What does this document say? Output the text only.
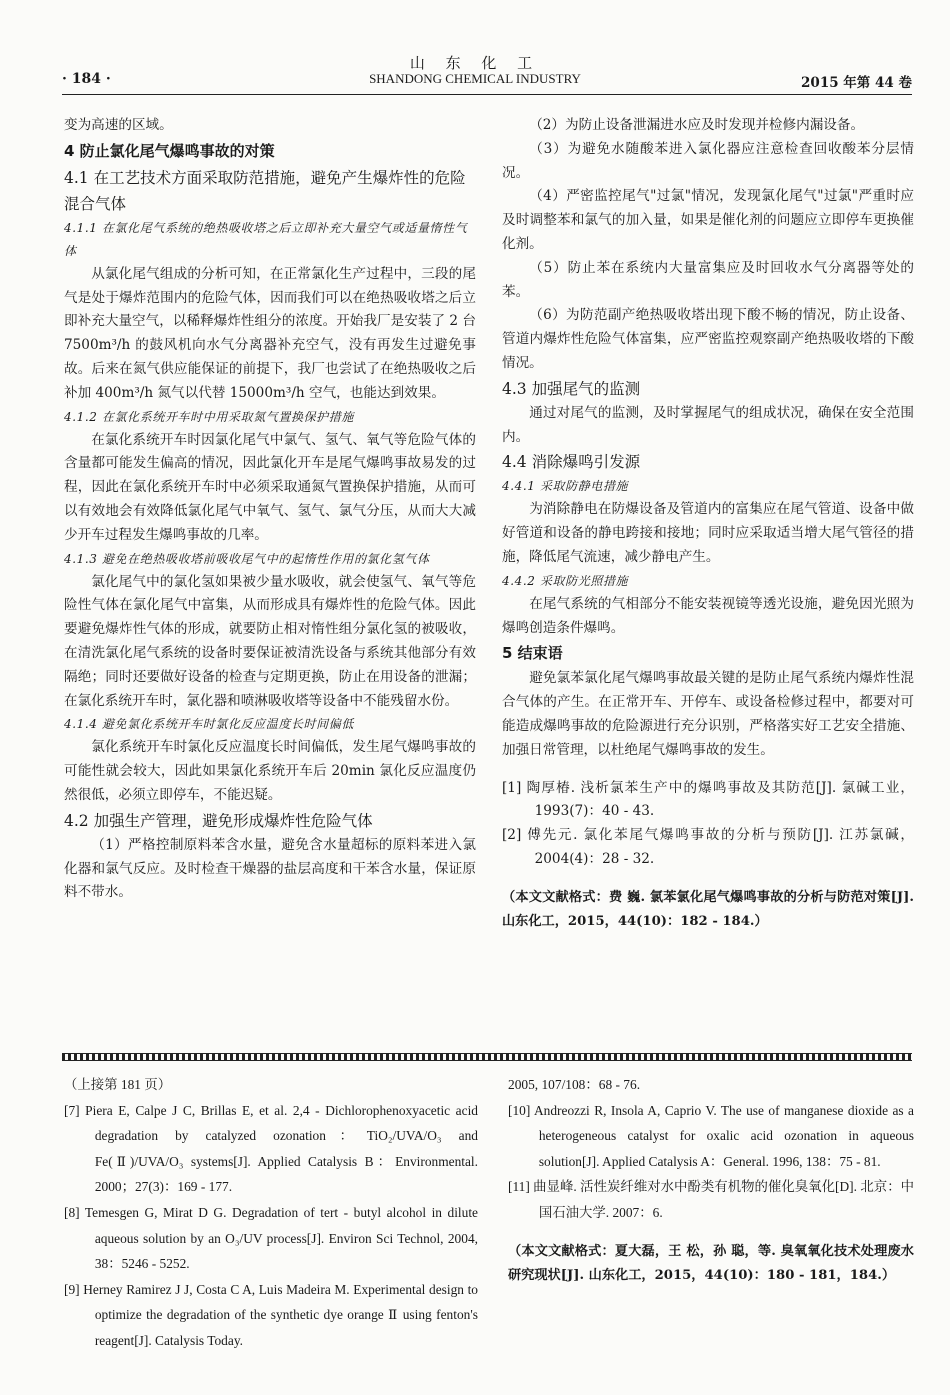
山 东 化 工
· 184 ·	SHANDONG CHEMICAL INDUSTRY	2015 年第 44 卷
变为高速的区域。
4 防止氯化尾气爆鸣事故的对策
4.1 在工艺技术方面采取防范措施，避免产生爆炸性的危险混合气体
4.1.1 在氯化尾气系统的绝热吸收塔之后立即补充大量空气或适量惰性气体
从氯化尾气组成的分析可知，在正常氯化生产过程中，三段的尾气是处于爆炸范围内的危险气体，因而我们可以在绝热吸收塔之后立即补充大量空气，以稀释爆炸性组分的浓度。开始我厂是安装了 2 台 7500m³/h 的鼓风机向水气分离器补充空气，没有再发生过避免事故。后来在氮气供应能保证的前提下，我厂也尝试了在绝热吸收之后补加 400m³/h 氮气以代替 15000m³/h 空气，也能达到效果。
4.1.2 在氯化系统开车时中用采取氮气置换保护措施
在氯化系统开车时因氯化尾气中氯气、氢气、氧气等危险气体的含量都可能发生偏高的情况，因此氯化开车是尾气爆鸣事故易发的过程，因此在氯化系统开车时中必须采取通氮气置换保护措施，从而可以有效地会有效降低氯化尾气中氧气、氢气、氯气分压，从而大大减少开车过程发生爆鸣事故的几率。
4.1.3 避免在绝热吸收塔前吸收尾气中的起惰性作用的氯化氢气体
氯化尾气中的氯化氢如果被少量水吸收，就会使氢气、氧气等危险性气体在氯化尾气中富集，从而形成具有爆炸性的危险气体。因此要避免爆炸性气体的形成，就要防止相对惰性组分氯化氢的被吸收，在清洗氯化尾气系统的设备时要保证被清洗设备与系统其他部分有效隔绝；同时还要做好设备的检查与定期更换，防止在用设备的泄漏；在氯化系统开车时，氯化器和喷淋吸收塔等设备中不能残留水份。
4.1.4 避免氯化系统开车时氯化反应温度长时间偏低
氯化系统开车时氯化反应温度长时间偏低，发生尾气爆鸣事故的可能性就会较大，因此如果氯化系统开车后 20min 氯化反应温度仍然很低，必须立即停车，不能迟疑。
4.2 加强生产管理，避免形成爆炸性危险气体
（1）严格控制原料苯含水量，避免含水量超标的原料苯进入氯化器和氯气反应。及时检查干燥器的盐层高度和干苯含水量，保证原料不带水。
（2）为防止设备泄漏进水应及时发现并检修内漏设备。
（3）为避免水随酸苯进入氯化器应注意检查回收酸苯分层情况。
（4）严密监控尾气"过氯"情况，发现氯化尾气"过氯"严重时应及时调整苯和氯气的加入量，如果是催化剂的问题应立即停车更换催化剂。
（5）防止苯在系统内大量富集应及时回收水气分离器等处的苯。
（6）为防范副产绝热吸收塔出现下酸不畅的情况，防止设备、管道内爆炸性危险气体富集，应严密监控观察副产绝热吸收塔的下酸情况。
4.3 加强尾气的监测
通过对尾气的监测，及时掌握尾气的组成状况，确保在安全范围内。
4.4 消除爆鸣引发源
4.4.1 采取防静电措施
为消除静电在防爆设备及管道内的富集应在尾气管道、设备中做好管道和设备的静电跨接和接地；同时应采取适当增大尾气管径的措施，降低尾气流速，减少静电产生。
4.4.2 采取防光照措施
在尾气系统的气相部分不能安装视镜等透光设施，避免因光照为爆鸣创造条件爆鸣。
5 结束语
避免氯苯氯化尾气爆鸣事故最关键的是防止尾气系统内爆炸性混合气体的产生。在正常开车、开停车、或设备检修过程中，都要对可能造成爆鸣事故的危险源进行充分识别，严格落实好工艺安全措施、加强日常管理，以杜绝尾气爆鸣事故的发生。
[1] 陶厚椿. 浅析氯苯生产中的爆鸣事故及其防范[J]. 氯碱工业，1993(7)：40 - 43.
[2] 傅先元. 氯化苯尾气爆鸣事故的分析与预防[J]. 江苏氯碱，2004(4)：28 - 32.
（本文文献格式：费 巍. 氯苯氯化尾气爆鸣事故的分析与防范对策[J]. 山东化工，2015，44(10)：182 - 184.）
（上接第 181 页）
[7] Piera E, Calpe J C, Brillas E, et al. 2,4 - Dichlorophenoxyacetic acid degradation by catalyzed ozonation：TiO₂/UVA/O₃ and Fe(Ⅱ)/UVA/O₃ systems[J]. Applied Catalysis B：Environmental. 2000；27(3)：169 - 177.
[8] Temesgen G, Mirat D G. Degradation of tert - butyl alcohol in dilute aqueous solution by an O₃/UV process[J]. Environ Sci Technol, 2004, 38：5246 - 5252.
[9] Herney Ramirez J J, Costa C A, Luis Madeira M. Experimental design to optimize the degradation of the synthetic dye orange Ⅱ using fenton's reagent[J]. Catalysis Today.
2005, 107/108：68 - 76.
[10] Andreozzi R, Insola A, Caprio V. The use of manganese dioxide as a heterogeneous catalyst for oxalic acid ozonation in aqueous solution[J]. Applied Catalysis A：General. 1996, 138：75 - 81.
[11] 曲显峰. 活性炭纤维对水中酚类有机物的催化臭氧化[D]. 北京：中国石油大学. 2007：6.
（本文文献格式：夏大磊，王 松，孙 聪，等. 臭氧氧化技术处理废水研究现状[J]. 山东化工，2015，44(10)：180 - 181，184.）
